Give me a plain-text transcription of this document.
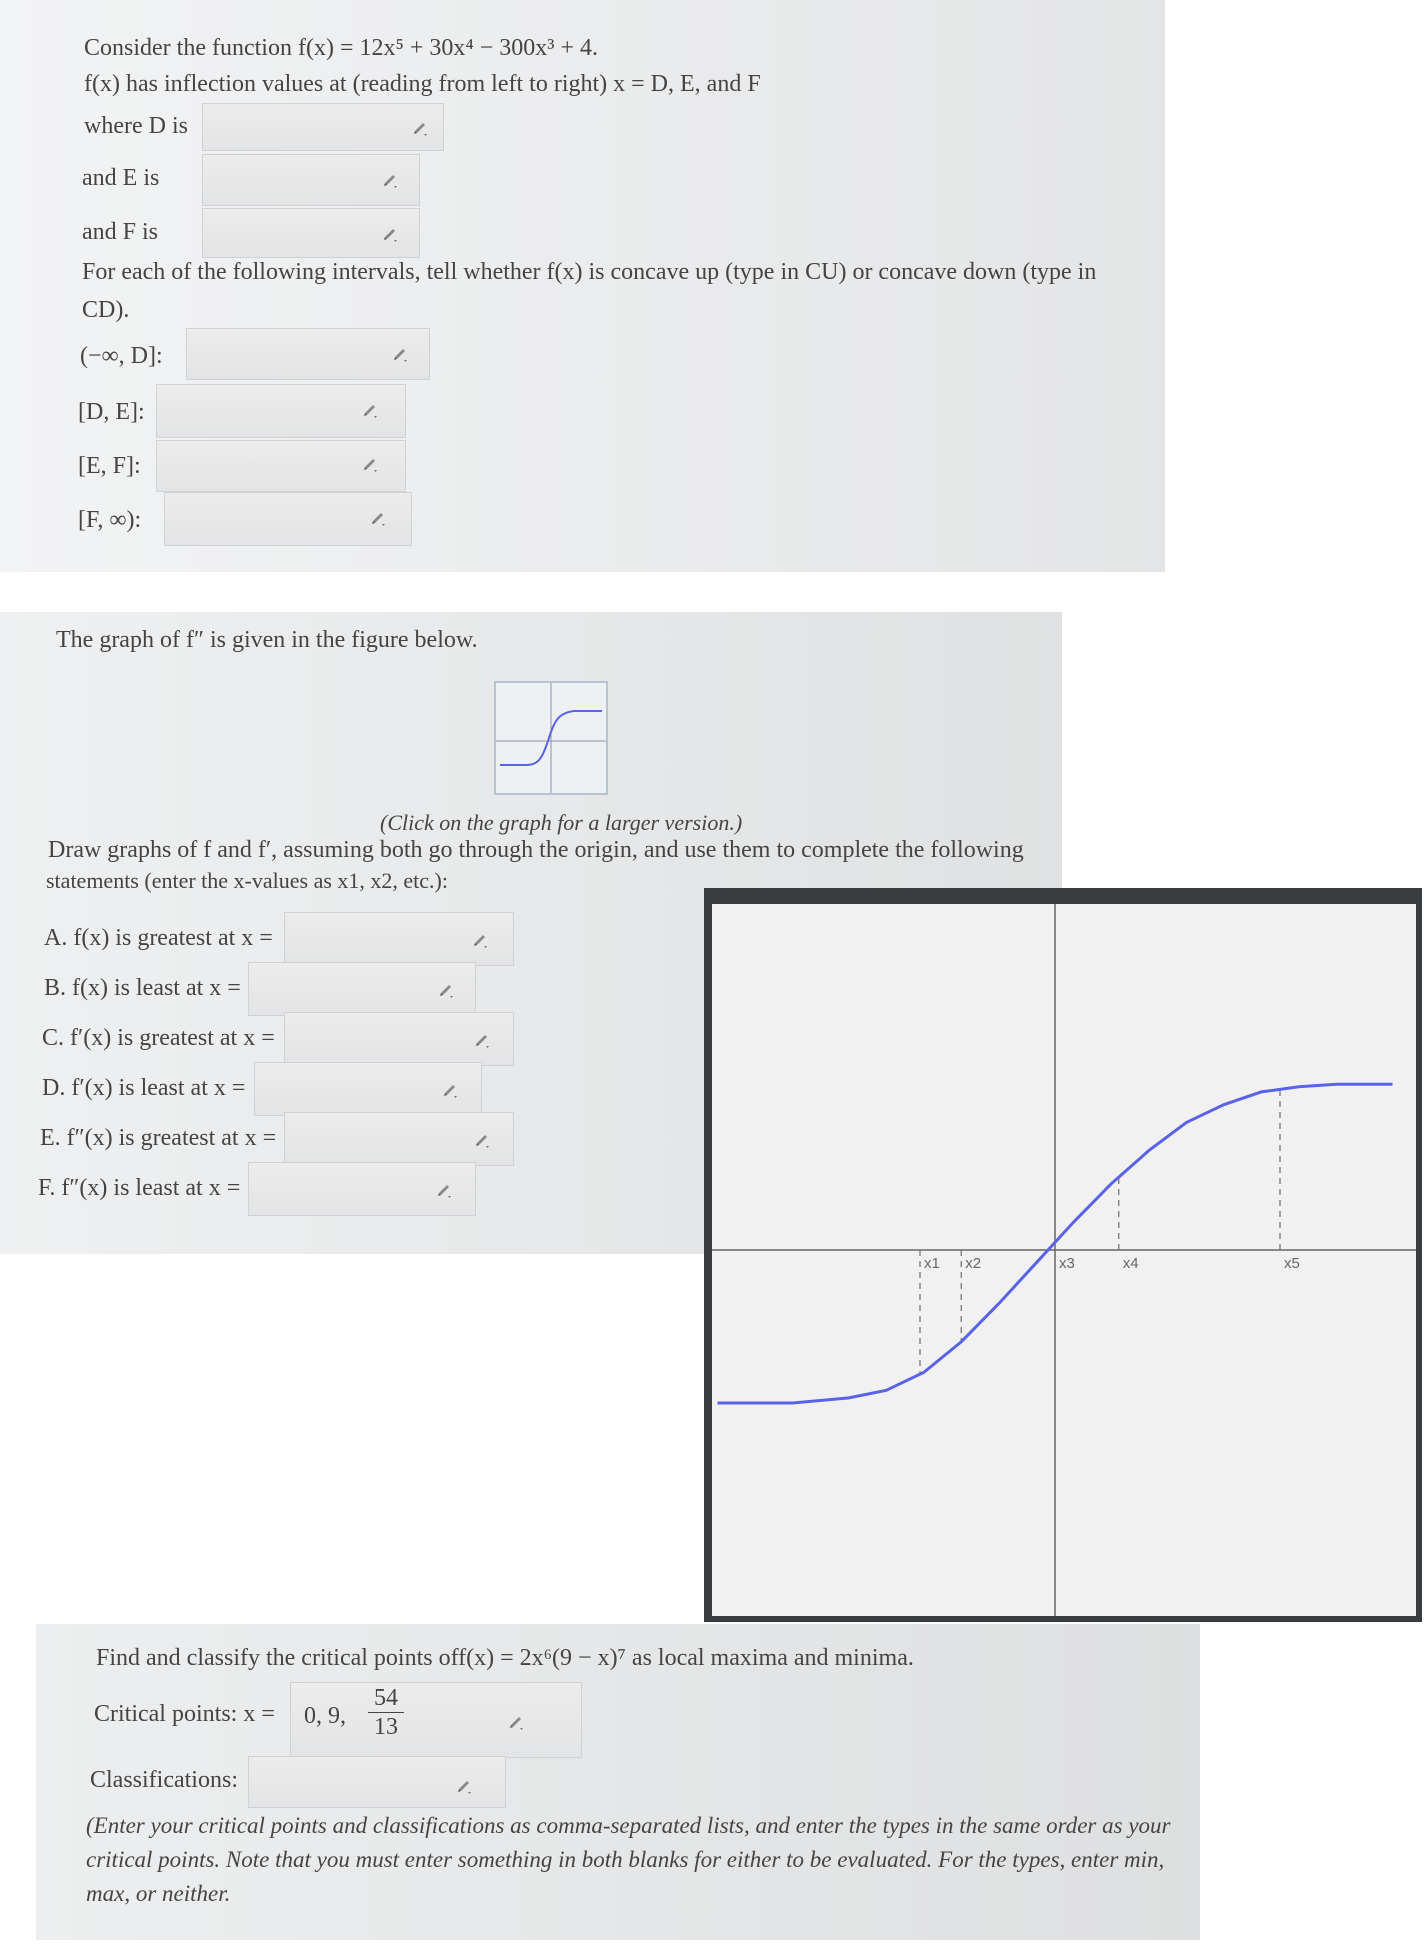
Consider the function f(x) = 12x⁵ + 30x⁴ − 300x³ + 4.
f(x) has inflection values at (reading from left to right) x = D, E, and F
where D is
and E is
and F is
For each of the following intervals, tell whether f(x) is concave up (type in CU) or concave down (type in
CD).
(−∞, D]:
[D, E]:
[E, F]:
[F, ∞):
The graph of f″ is given in the figure below.
(Click on the graph for a larger version.)
Draw graphs of f and f′, assuming both go through the origin, and use them to complete the following
statements (enter the x-values as x1, x2, etc.):
A. f(x) is greatest at x =
B. f(x) is least at x =
C. f′(x) is greatest at x =
D. f′(x) is least at x =
E. f″(x) is greatest at x =
F. f″(x) is least at x =
x1 x2	x3	x4	x5
Find and classify the critical points off(x) = 2x⁶(9 − x)⁷ as local maxima and minima.
Critical points: x = 0, 9,
54
13
Classifications:
(Enter your critical points and classifications as comma-separated lists, and enter the types in the same order as your
critical points. Note that you must enter something in both blanks for either to be evaluated. For the types, enter min,
max, or neither.
